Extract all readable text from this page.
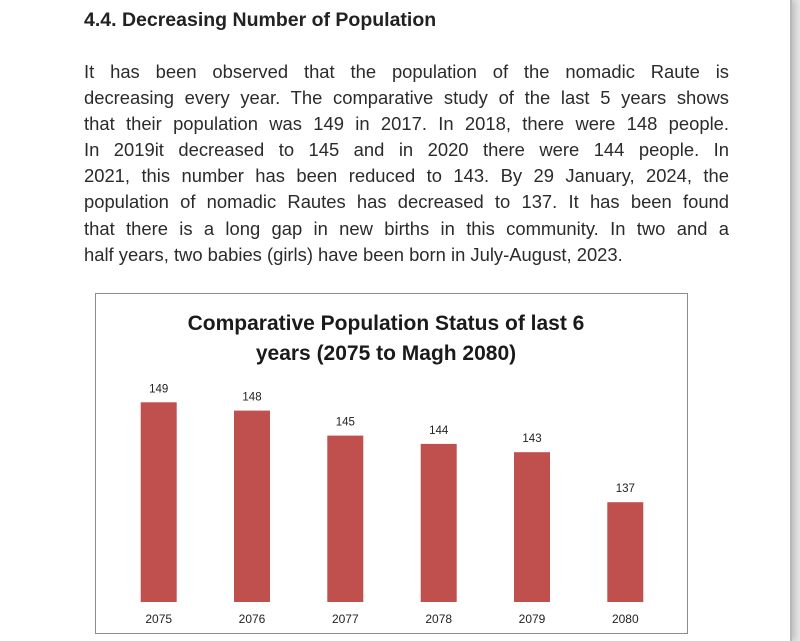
4.4. Decreasing Number of Population
It has been observed that the population of the nomadic Raute is
decreasing every year. The comparative study of the last 5 years shows
that their population was 149 in 2017. In 2018, there were 148 people.
In 2019it decreased to 145 and in 2020 there were 144 people. In
2021, this number has been reduced to 143. By 29 January, 2024, the
population of nomadic Rautes has decreased to 137. It has been found
that there is a long gap in new births in this community. In two and a
half years, two babies (girls) have been born in July-August, 2023.
Comparative Population Status of last 6
years (2075 to Magh 2080)
149
2075
148
2076
145
2077
144
2078
143
2079
137
2080
